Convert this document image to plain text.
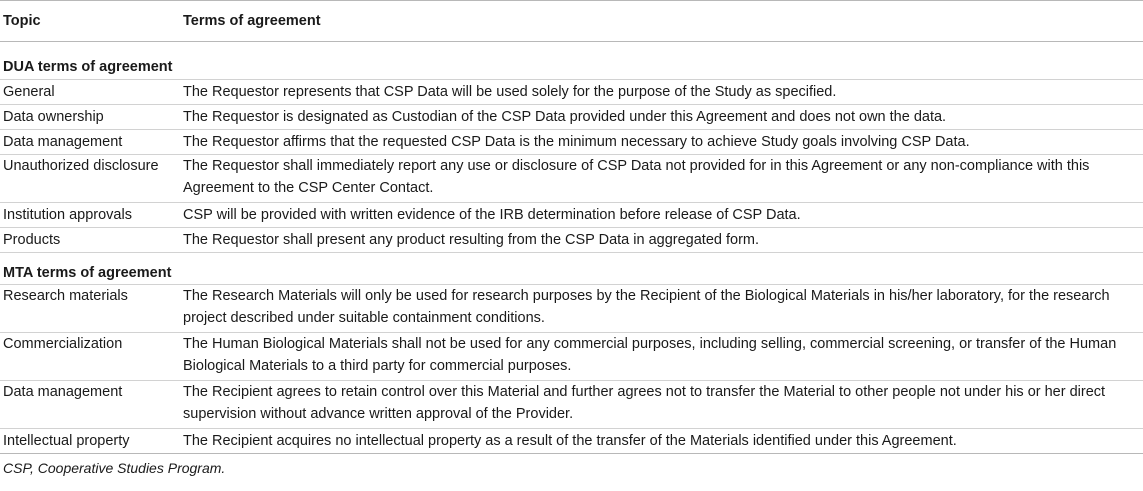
Topic	Terms of agreement
DUA terms of agreement	
General	The Requestor represents that CSP Data will be used solely for the purpose of the Study as specified.
Data ownership	The Requestor is designated as Custodian of the CSP Data provided under this Agreement and does not own the data.
Data management	The Requestor affirms that the requested CSP Data is the minimum necessary to achieve Study goals involving CSP Data.
Unauthorized disclosure	The Requestor shall immediately report any use or disclosure of CSP Data not provided for in this Agreement or any non-compliance with this Agreement to the CSP Center Contact.
Institution approvals	CSP will be provided with written evidence of the IRB determination before release of CSP Data.
Products	The Requestor shall present any product resulting from the CSP Data in aggregated form.
MTA terms of agreement	
Research materials	The Research Materials will only be used for research purposes by the Recipient of the Biological Materials in his/her laboratory, for the research project described under suitable containment conditions.
Commercialization	The Human Biological Materials shall not be used for any commercial purposes, including selling, commercial screening, or transfer of the Human Biological Materials to a third party for commercial purposes.
Data management	The Recipient agrees to retain control over this Material and further agrees not to transfer the Material to other people not under his or her direct supervision without advance written approval of the Provider.
Intellectual property	The Recipient acquires no intellectual property as a result of the transfer of the Materials identified under this Agreement.
CSP, Cooperative Studies Program.
